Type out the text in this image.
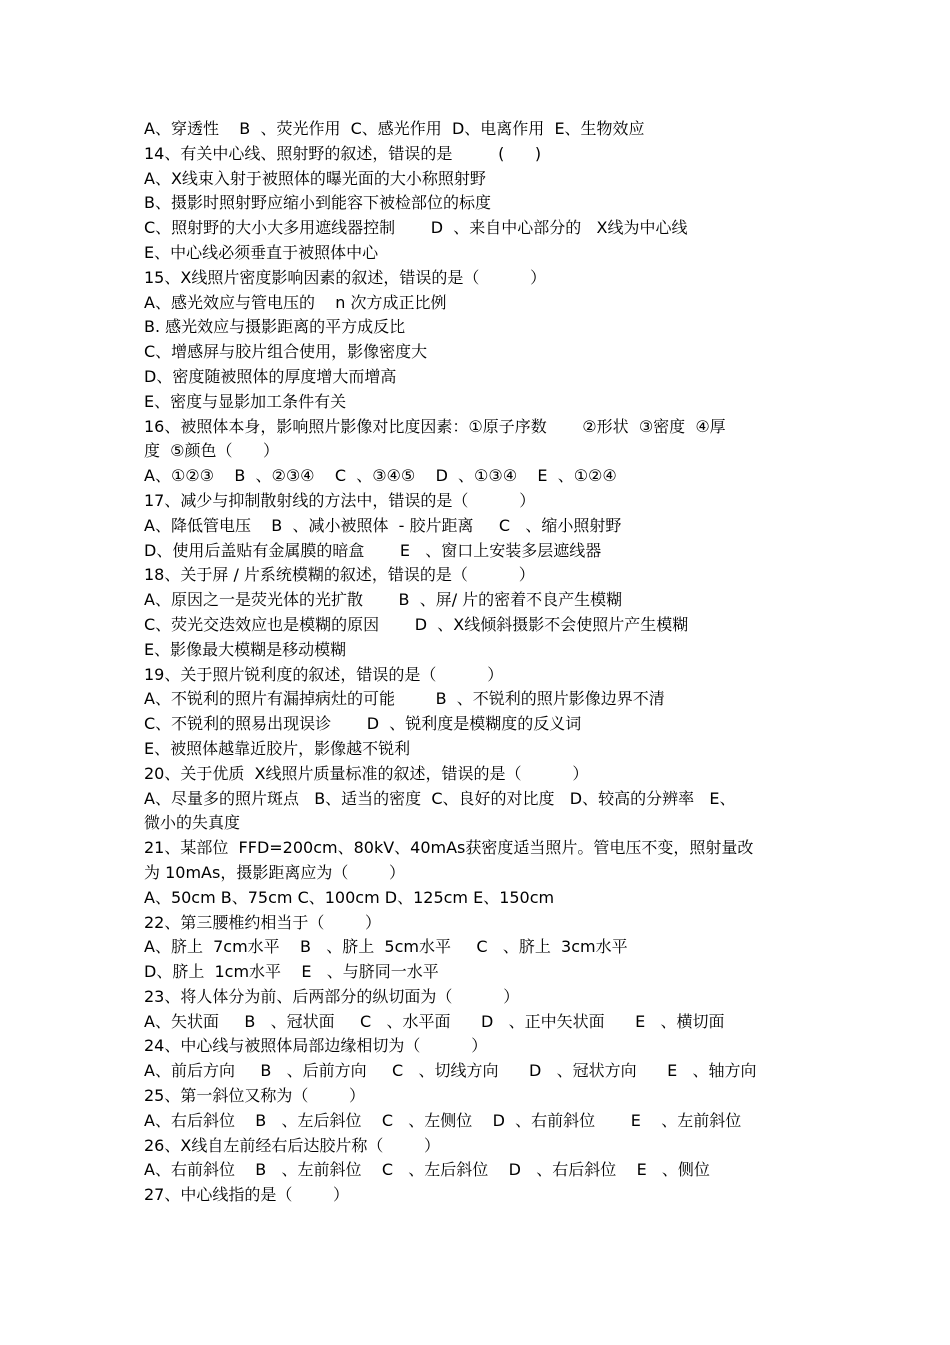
A、穿透性    B  、荧光作用  C、感光作用  D、电离作用  E、生物效应
14、有关中心线、照射野的叙述，错误的是         (      )
A、X线束入射于被照体的曝光面的大小称照射野
B、摄影时照射野应缩小到能容下被检部位的标度
C、照射野的大小大多用遮线器控制       D  、来自中心部分的   X线为中心线
E、中心线必须垂直于被照体中心
15、X线照片密度影响因素的叙述，错误的是（          ）
A、感光效应与管电压的    n 次方成正比例
B. 感光效应与摄影距离的平方成反比
C、增感屏与胶片组合使用，影像密度大
D、密度随被照体的厚度增大而增高
E、密度与显影加工条件有关
16、被照体本身，影响照片影像对比度因素：①原子序数       ②形状  ③密度  ④厚
度  ⑤颜色（      ）
A、①②③    B  、②③④    C  、③④⑤    D  、①③④    E  、①②④
17、减少与抑制散射线的方法中，错误的是（          ）
A、降低管电压    B  、减小被照体  - 胶片距离     C   、缩小照射野
D、使用后盖贴有金属膜的暗盒       E   、窗口上安装多层遮线器
18、关于屏 / 片系统模糊的叙述，错误的是（          ）
A、原因之一是荧光体的光扩散       B  、屏/ 片的密着不良产生模糊
C、荧光交迭效应也是模糊的原因       D  、X线倾斜摄影不会使照片产生模糊
E、影像最大模糊是移动模糊
19、关于照片锐利度的叙述，错误的是（          ）
A、不锐利的照片有漏掉病灶的可能        B  、不锐利的照片影像边界不清
C、不锐利的照易出现误诊       D  、锐利度是模糊度的反义词
E、被照体越靠近胶片，影像越不锐利
20、关于优质  X线照片质量标准的叙述，错误的是（          ）
A、尽量多的照片斑点   B、适当的密度  C、良好的对比度   D、较高的分辨率   E、
微小的失真度
21、某部位  FFD=200cm、80kV、40mAs获密度适当照片。管电压不变，照射量改
为 10mAs，摄影距离应为（        ）
A、50cm B、75cm C、100cm D、125cm E、150cm
22、第三腰椎约相当于（        ）
A、脐上  7cm水平    B   、脐上  5cm水平     C   、脐上  3cm水平
D、脐上  1cm水平    E   、与脐同一水平
23、将人体分为前、后两部分的纵切面为（          ）
A、矢状面     B   、冠状面     C   、水平面      D   、正中矢状面      E   、横切面
24、中心线与被照体局部边缘相切为（          ）
A、前后方向     B   、后前方向     C   、切线方向      D   、冠状方向      E   、轴方向
25、第一斜位又称为（        ）
A、右后斜位    B   、左后斜位    C   、左侧位    D  、右前斜位       E    、左前斜位
26、X线自左前经右后达胶片称（        ）
A、右前斜位    B   、左前斜位    C   、左后斜位    D   、右后斜位    E   、侧位
27、中心线指的是（        ）
